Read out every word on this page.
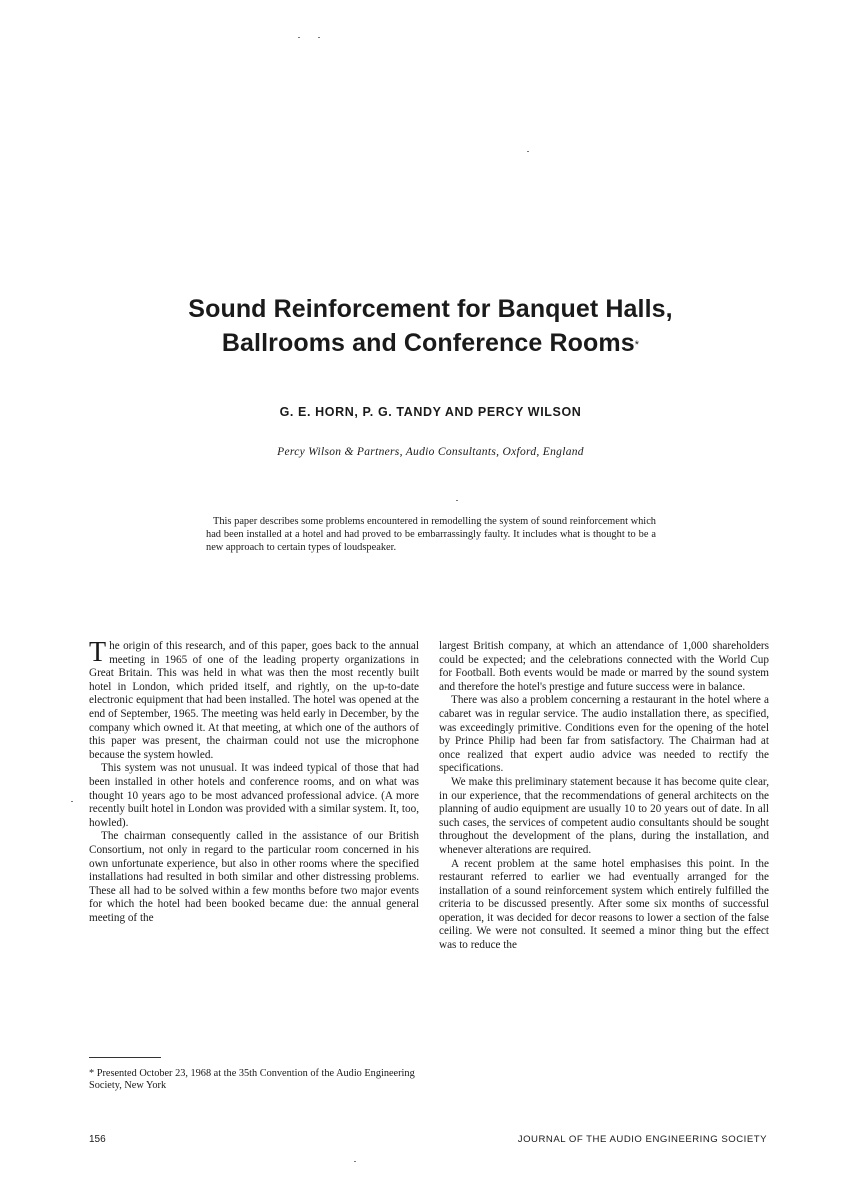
Sound Reinforcement for Banquet Halls,
Ballrooms and Conference Rooms*
G. E. HORN, P. G. TANDY AND PERCY WILSON
Percy Wilson & Partners, Audio Consultants, Oxford, England
This paper describes some problems encountered in remodelling the system of sound reinforcement which had been installed at a hotel and had proved to be embarrassingly faulty. It includes what is thought to be a new approach to certain types of loudspeaker.

The origin of this research, and of this paper, goes back to the annual meeting in 1965 of one of the leading property organizations in Great Britain. This was held in what was then the most recently built hotel in London, which prided itself, and rightly, on the up-to-date electronic equipment that had been installed. The hotel was opened at the end of September, 1965. The meeting was held early in December, by the company which owned it. At that meeting, at which one of the authors of this paper was present, the chairman could not use the microphone because the system howled.

This system was not unusual. It was indeed typical of those that had been installed in other hotels and conference rooms, and on what was thought 10 years ago to be most advanced professional advice. (A more recently built hotel in London was provided with a similar system. It, too, howled).

The chairman consequently called in the assistance of our British Consortium, not only in regard to the particular room concerned in his own unfortunate experience, but also in other rooms where the specified installations had resulted in both similar and other distressing problems. These all had to be solved within a few months before two major events for which the hotel had been booked became due: the annual general meeting of the

largest British company, at which an attendance of 1,000 shareholders could be expected; and the celebrations connected with the World Cup for Football. Both events would be made or marred by the sound system and therefore the hotel's prestige and future success were in balance.

There was also a problem concerning a restaurant in the hotel where a cabaret was in regular service. The audio installation there, as specified, was exceedingly primitive. Conditions even for the opening of the hotel by Prince Philip had been far from satisfactory. The Chairman had at once realized that expert audio advice was needed to rectify the specifications.

We make this preliminary statement because it has become quite clear, in our experience, that the recommendations of general architects on the planning of audio equipment are usually 10 to 20 years out of date. In all such cases, the services of competent audio consultants should be sought throughout the development of the plans, during the installation, and whenever alterations are required.

A recent problem at the same hotel emphasises this point. In the restaurant referred to earlier we had eventually arranged for the installation of a sound reinforcement system which entirely fulfilled the criteria to be discussed presently. After some six months of successful operation, it was decided for decor reasons to lower a section of the false ceiling. We were not consulted. It seemed a minor thing but the effect was to reduce the

* Presented October 23, 1968 at the 35th Convention of the Audio Engineering Society, New York
156	JOURNAL OF THE AUDIO ENGINEERING SOCIETY
